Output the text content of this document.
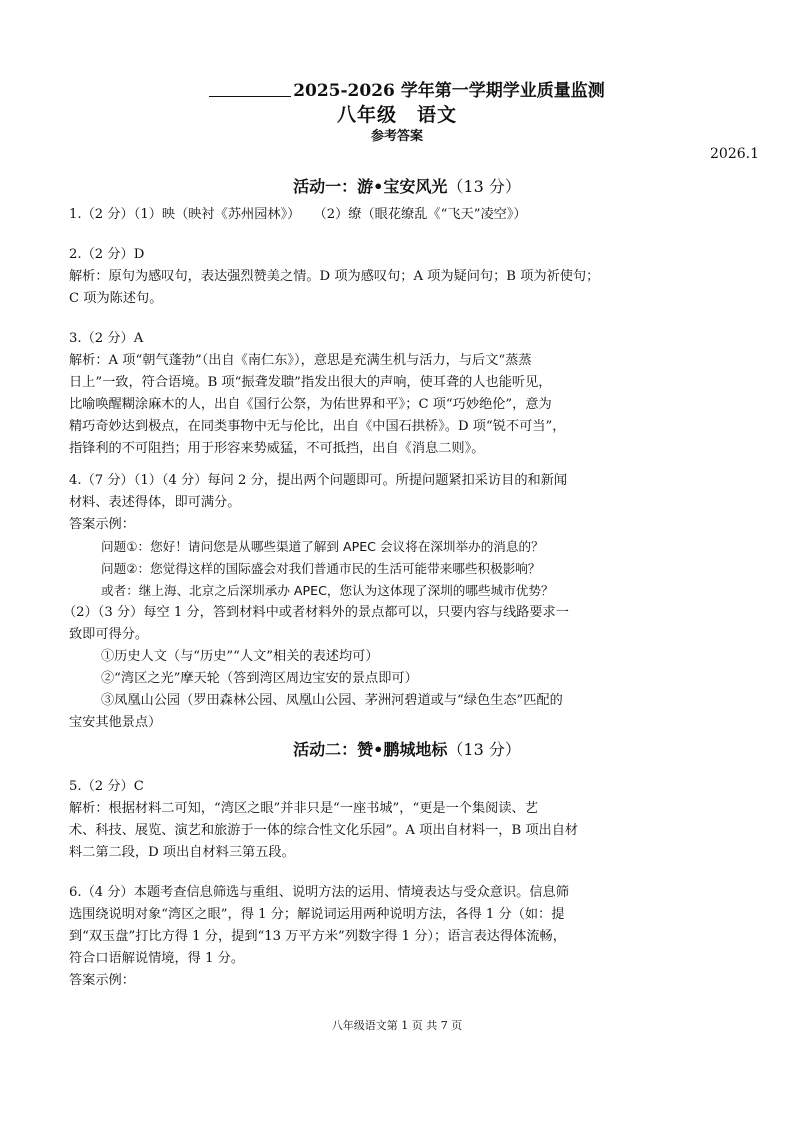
2025-2026 学年第一学期学业质量监测
八年级　语文
参考答案
2026.1
活动一：游•宝安风光（13 分）
1.（2 分）（1）映（映衬《苏州园林》）　　（2）缭（眼花缭乱《“飞天”凌空》）
2.（2 分）D
解析：原句为感叹句，表达强烈赞美之情。D 项为感叹句；A 项为疑问句；B 项为祈使句；
C 项为陈述句。
3.（2 分）A
解析：A 项“朝气蓬勃”（出自《南仁东》），意思是充满生机与活力，与后文“蒸蒸
日上”一致，符合语境。B 项“振聋发聩”指发出很大的声响，使耳聋的人也能听见，
比喻唤醒糊涂麻木的人，出自《国行公祭，为佑世界和平》；C 项“巧妙绝伦”，意为
精巧奇妙达到极点，在同类事物中无与伦比，出自《中国石拱桥》。D 项“锐不可当”，
指锋利的不可阻挡；用于形容来势威猛，不可抵挡，出自《消息二则》。
4.（7 分）（1）（4 分）每问 2 分，提出两个问题即可。所提问题紧扣采访目的和新闻
材料、表述得体，即可满分。
答案示例：
问题①：您好！请问您是从哪些渠道了解到 APEC 会议将在深圳举办的消息的？
问题②：您觉得这样的国际盛会对我们普通市民的生活可能带来哪些积极影响？
或者：继上海、北京之后深圳承办 APEC，您认为这体现了深圳的哪些城市优势？
（2）（3 分）每空 1 分，答到材料中或者材料外的景点都可以，只要内容与线路要求一
致即可得分。
①历史人文（与“历史”“人文”相关的表述均可）
②“湾区之光”摩天轮（答到湾区周边宝安的景点即可）
③凤凰山公园（罗田森林公园、凤凰山公园、茅洲河碧道或与“绿色生态”匹配的
宝安其他景点）
活动二：赞•鹏城地标（13 分）
5.（2 分）C
解析：根据材料二可知，“湾区之眼”并非只是“一座书城”，“更是一个集阅读、艺
术、科技、展览、演艺和旅游于一体的综合性文化乐园”。A 项出自材料一，B 项出自材
料二第二段，D 项出自材料三第五段。
6.（4 分）本题考查信息筛选与重组、说明方法的运用、情境表达与受众意识。信息筛
选围绕说明对象“湾区之眼”，得 1 分；解说词运用两种说明方法，各得 1 分（如：提
到“双玉盘”打比方得 1 分，提到“13 万平方米”列数字得 1 分）；语言表达得体流畅，
符合口语解说情境，得 1 分。
答案示例：
八年级语文第 1 页 共 7 页
